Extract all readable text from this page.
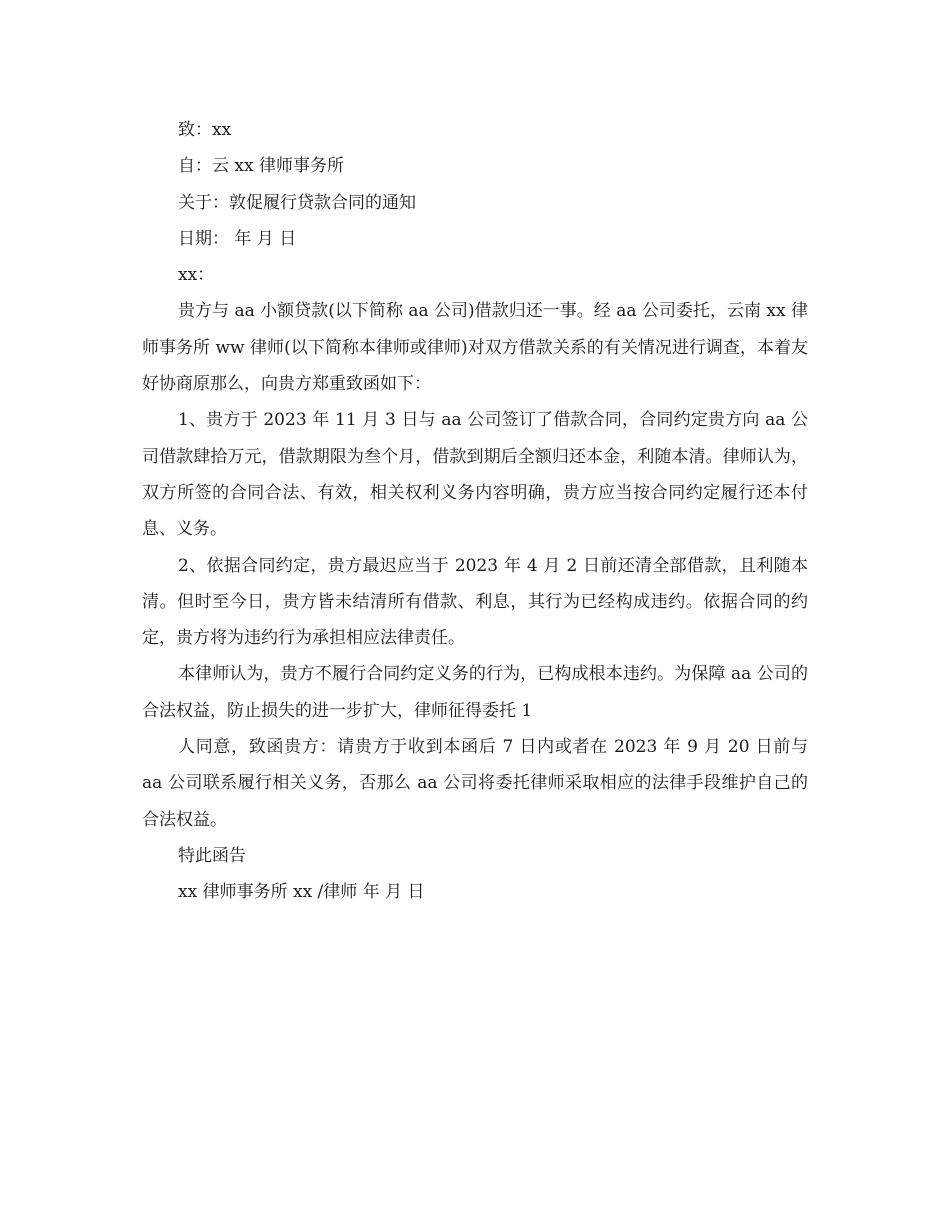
致：xx

自：云 xx 律师事务所

关于：敦促履行贷款合同的通知

日期： 年 月 日

xx：

贵方与 aa 小额贷款(以下简称 aa 公司)借款归还一事。经 aa 公司委托，云南 xx 律师事务所 ww 律师(以下简称本律师或律师)对双方借款关系的有关情况进行调查，本着友好协商原那么，向贵方郑重致函如下：

1、贵方于 2023 年 11 月 3 日与 aa 公司签订了借款合同，合同约定贵方向 aa 公司借款肆拾万元，借款期限为叁个月，借款到期后全额归还本金，利随本清。律师认为，双方所签的合同合法、有效，相关权利义务内容明确，贵方应当按合同约定履行还本付息、义务。

2、依据合同约定，贵方最迟应当于 2023 年 4 月 2 日前还清全部借款，且利随本清。但时至今日，贵方皆未结清所有借款、利息，其行为已经构成违约。依据合同的约定，贵方将为违约行为承担相应法律责任。

本律师认为，贵方不履行合同约定义务的行为，已构成根本违约。为保障 aa 公司的合法权益，防止损失的进一步扩大，律师征得委托 1

人同意，致函贵方：请贵方于收到本函后 7 日内或者在 2023 年 9 月 20 日前与 aa 公司联系履行相关义务，否那么 aa 公司将委托律师采取相应的法律手段维护自己的合法权益。

特此函告

xx 律师事务所 xx /律师 年 月 日
